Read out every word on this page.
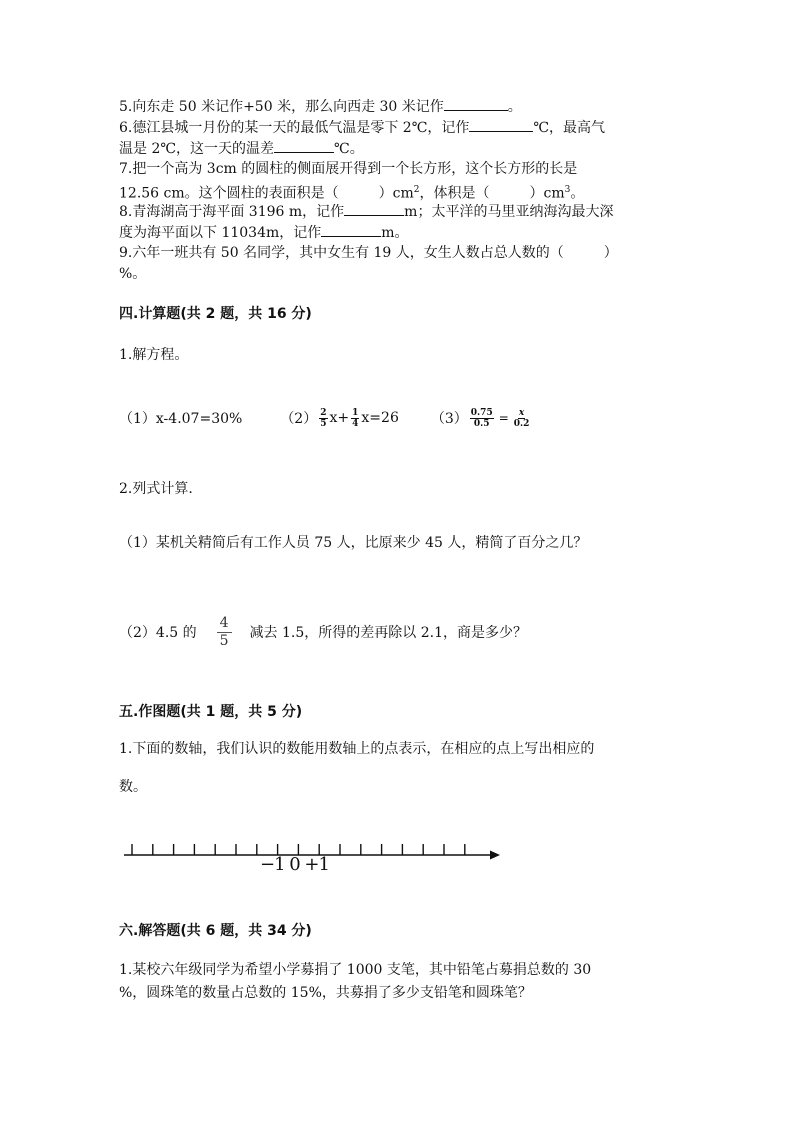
5.向东走 50 米记作+50 米，那么向西走 30 米记作	。
6.德江县城一月份的某一天的最低气温是零下 2℃，记作	℃，最高气
温是 2℃，这一天的温差	℃。
7.把一个高为 3cm 的圆柱的侧面展开得到一个长方形，这个长方形的长是
12.56 cm。这个圆柱的表面积是（	）$cm^2$，体积是（	）$cm^3$。
8.青海湖高于海平面 3196 m，记作	m；太平洋的马里亚纳海沟最大深
度为海平面以下 11034m，记作	m。
9.六年一班共有 50 名同学，其中女生有 19 人，女生人数占总人数的（	）
%。
四.计算题(共 2 题，共 16 分)
1.解方程。
（1）x-4.07=30%	$(2) \frac{2}{5} x+ \frac{1}{4} x=26$ $(3) \frac{0.75}{0.5} = \frac{x}{0.2}$
2.列式计算.
（1）某机关精简后有工作人员 75 人，比原来少 45 人，精简了百分之几？
（2）4.5 的 $\frac{4}{5}$ 减去 1.5，所得的差再除以 2.1，商是多少？
五.作图题(共 1 题，共 5 分)
1.下面的数轴，我们认识的数能用数轴上的点表示，在相应的点上写出相应的
数。
−1 0 +1
六.解答题(共 6 题，共 34 分)
1.某校六年级同学为希望小学募捐了 1000 支笔，其中铅笔占募捐总数的 30
%，圆珠笔的数量占总数的 15%，共募捐了多少支铅笔和圆珠笔？
